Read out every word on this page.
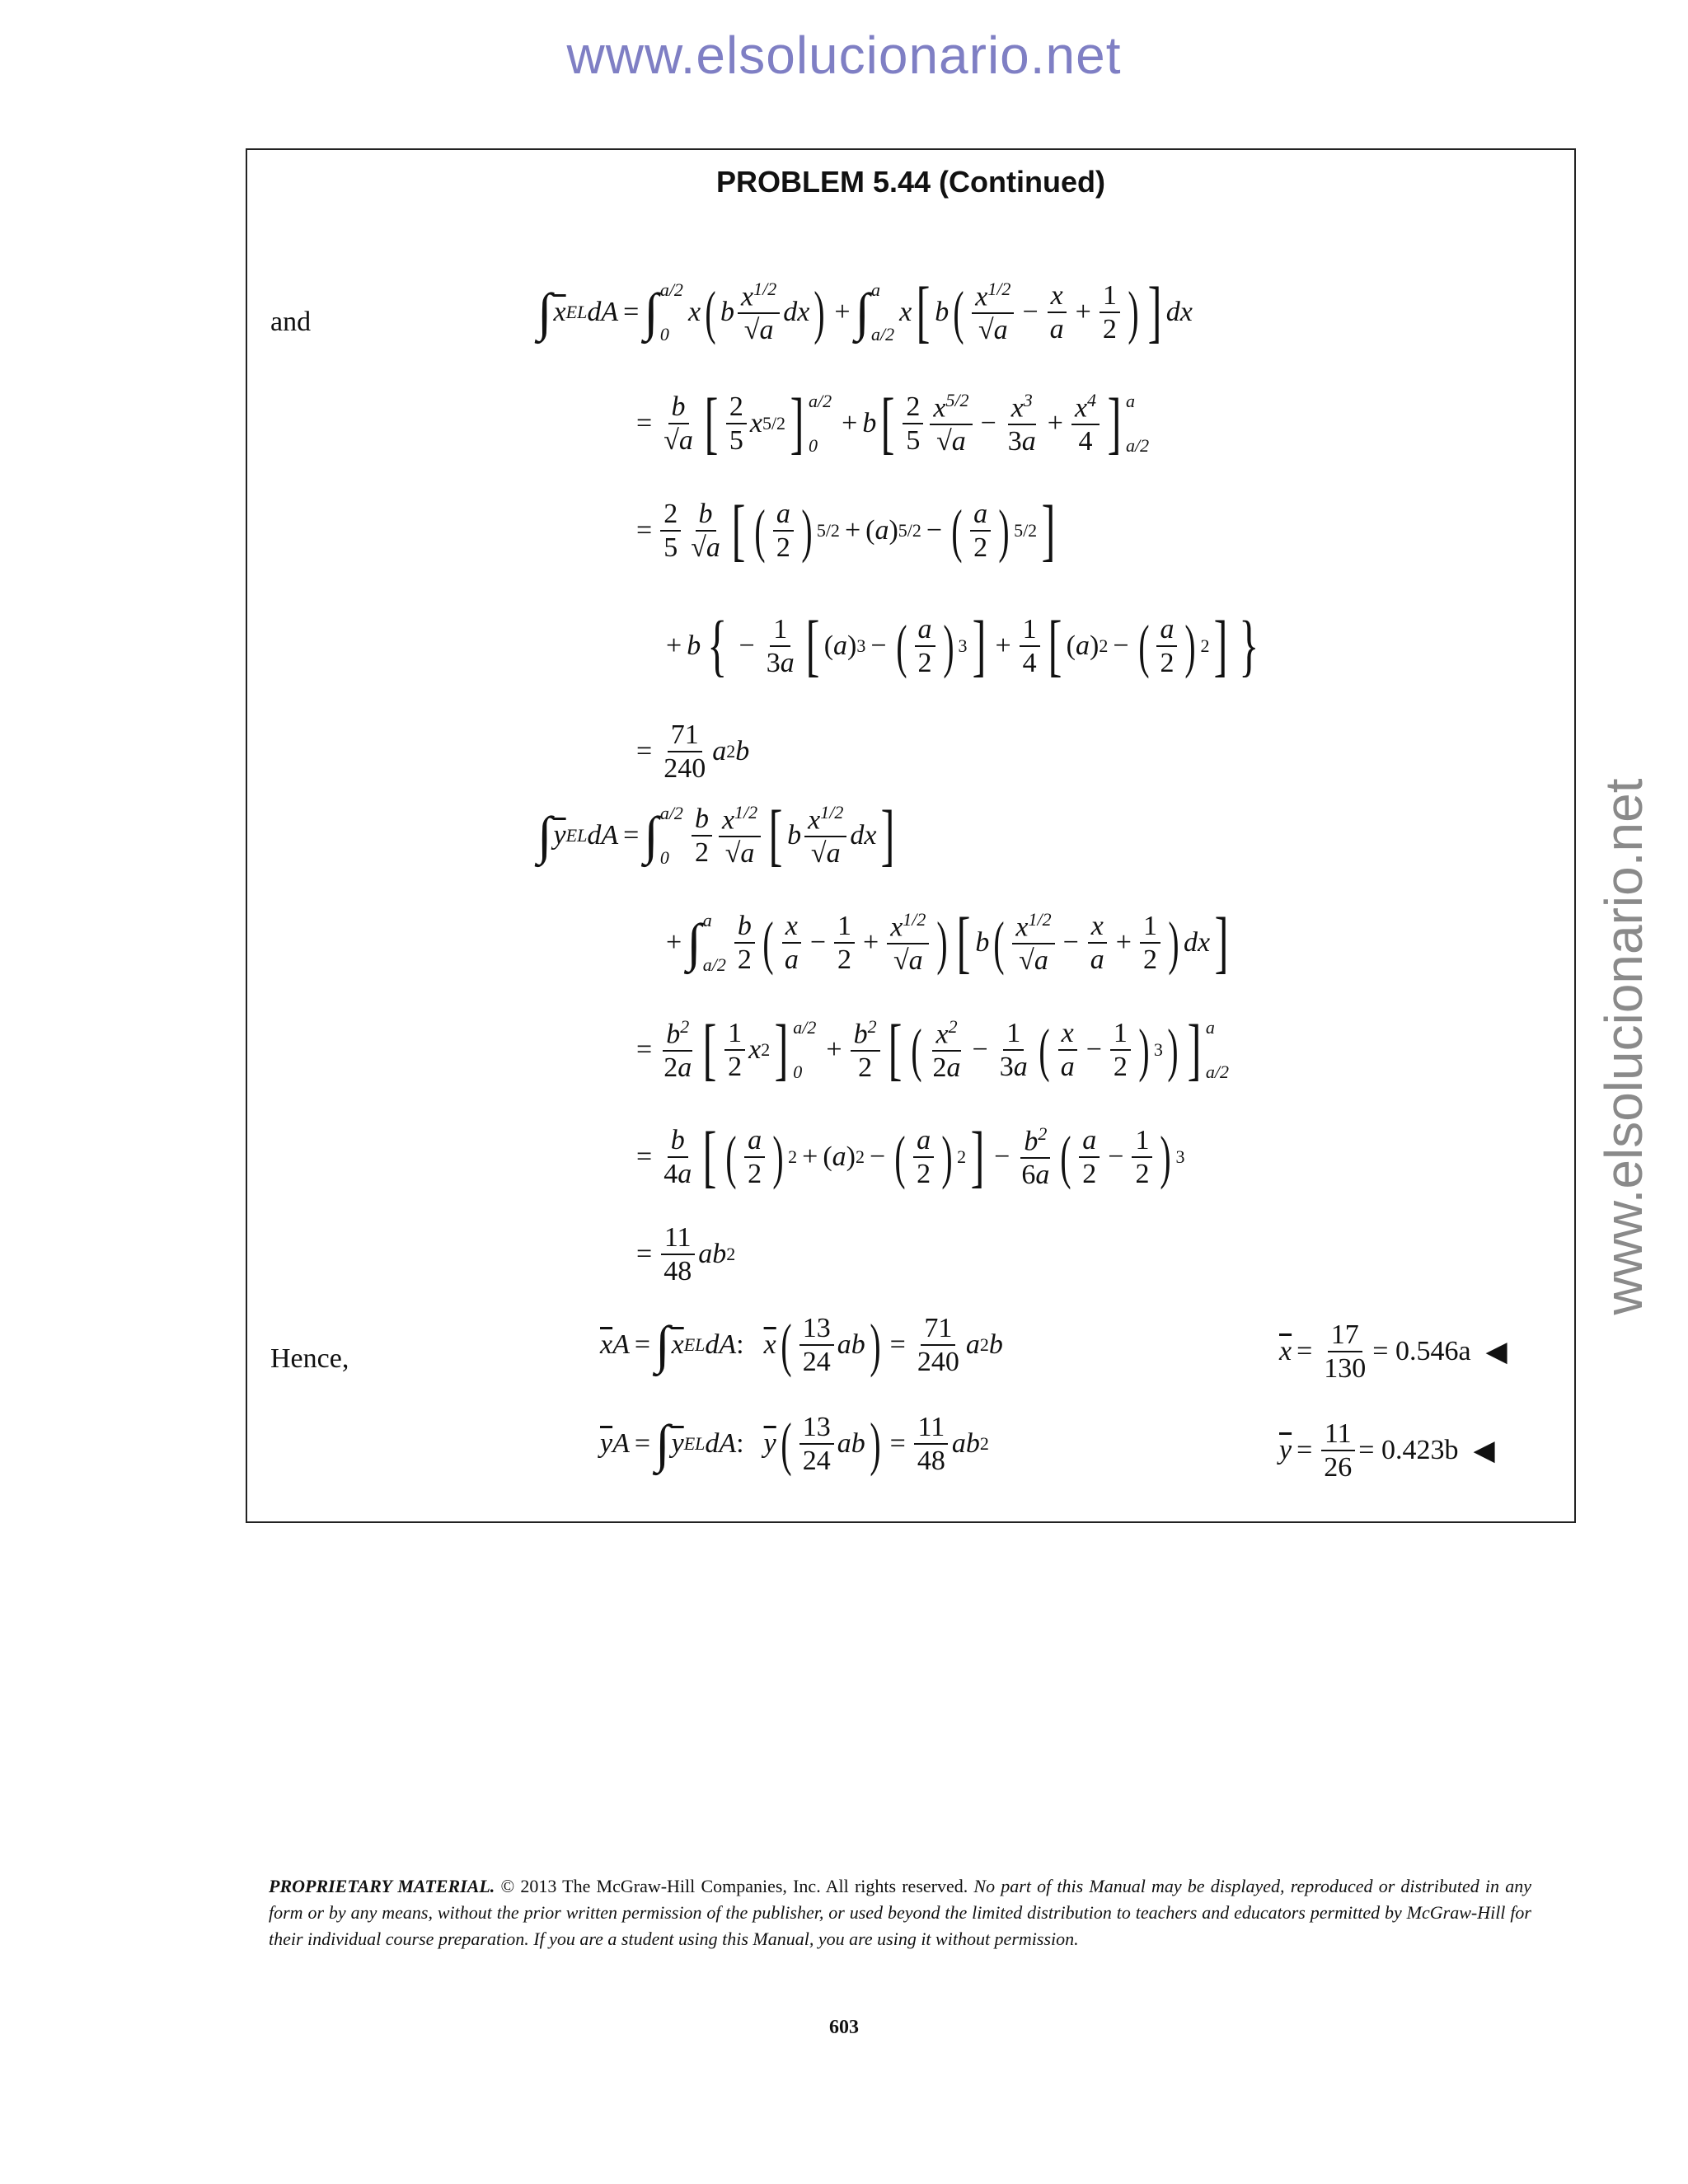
www.elsolucionario.net
www.elsolucionario.net
PROBLEM 5.44 (Continued)
and	∫ $\overline{x}$ EL dA = ∫ a/2
0
x ( b $\frac{x^{1/2}}{√a}$ dx ) + ∫ a
a/2
x [ b ( $\frac{x^{1/2}}{√a} - \frac{x}{a} + \frac{1}{2}$ ) ] dx
= $\frac{b}{√a}$ [ $\frac{2}{5}$ x 5/2 ] a/2
0
+ b [ $\frac{2}{5} \frac{x^{5/2}}{√a} - \frac{x^3}{3a} + \frac{x^4}{4}$ ] a
a/2
= $\frac{2}{5} \frac{b}{√a}$ [ ( $\frac{a}{2}$ ) 5/2 + ( a ) 5/2 − ( $\frac{a}{2}$ ) 5/2 ]
+ b { − $\frac{1}{3a}$ [ ( a ) 3 − ( $\frac{a}{2}$ ) 3 ] + $\frac{1}{4}$ [ ( a ) 2 − ( $\frac{a}{2}$ ) 2 ] }
= $\frac{71}{240}$ a 2 b
∫ $\overline{y}$ EL dA = ∫ a/2
$0 \frac{b}{2} \frac{x^{1/2}}{√a}$ [ b $\frac{x^{1/2}}{√a}$ dx ]
+ ∫ a
$a/2 \frac{b}{2}$ ( $\frac{x}{a} - \frac{1}{2} + \frac{x^{1/2}}{√a}$ ) [ b ( $\frac{x^{1/2}}{√a} - \frac{x}{a} + \frac{1}{2}$ ) dx ]
= $\frac{b^2}{2a}$ [ $\frac{1}{2}$ x 2 ] a/2
0
+ $\frac{b^2}{2}$ [ ( $\frac{x^2}{2a} - \frac{1}{3a}$ ( $\frac{x}{a} - \frac{1}{2}$ ) 3 ) ] a
a/2
= $\frac{b}{4a}$ [ ( $\frac{a}{2}$ ) 2 + ( a ) 2 − ( $\frac{a}{2}$ ) 2 ] − $\frac{b^2}{6a}$ ( $\frac{a}{2} - \frac{1}{2}$ ) 3
= $\frac{11}{48}$ ab 2
Hence,	$\overline{x}$ A = ∫ $\overline{x}$ EL dA : $\overline{x}$ ( $\frac{13}{24}$ ab ) = $\frac{71}{240}$ a 2 b	$\overline{x} = \frac{17}{130} = 0.546a$ ◀
$\overline{y}$ A = ∫ $\overline{y}$ EL dA : $\overline{y}$ ( $\frac{13}{24}$ ab ) = $\frac{11}{48}$ ab 2	$\overline{y} = \frac{11}{26} = 0.423b$ ◀
PROPRIETARY MATERIAL. © 2013 The McGraw-Hill Companies, Inc. All rights reserved. No part of this Manual may be displayed, reproduced or distributed in any form or by any means, without the prior written permission of the publisher, or used beyond the limited distribution to teachers and educators permitted by McGraw-Hill for their individual course preparation. If you are a student using this Manual, you are using it without permission.
603
